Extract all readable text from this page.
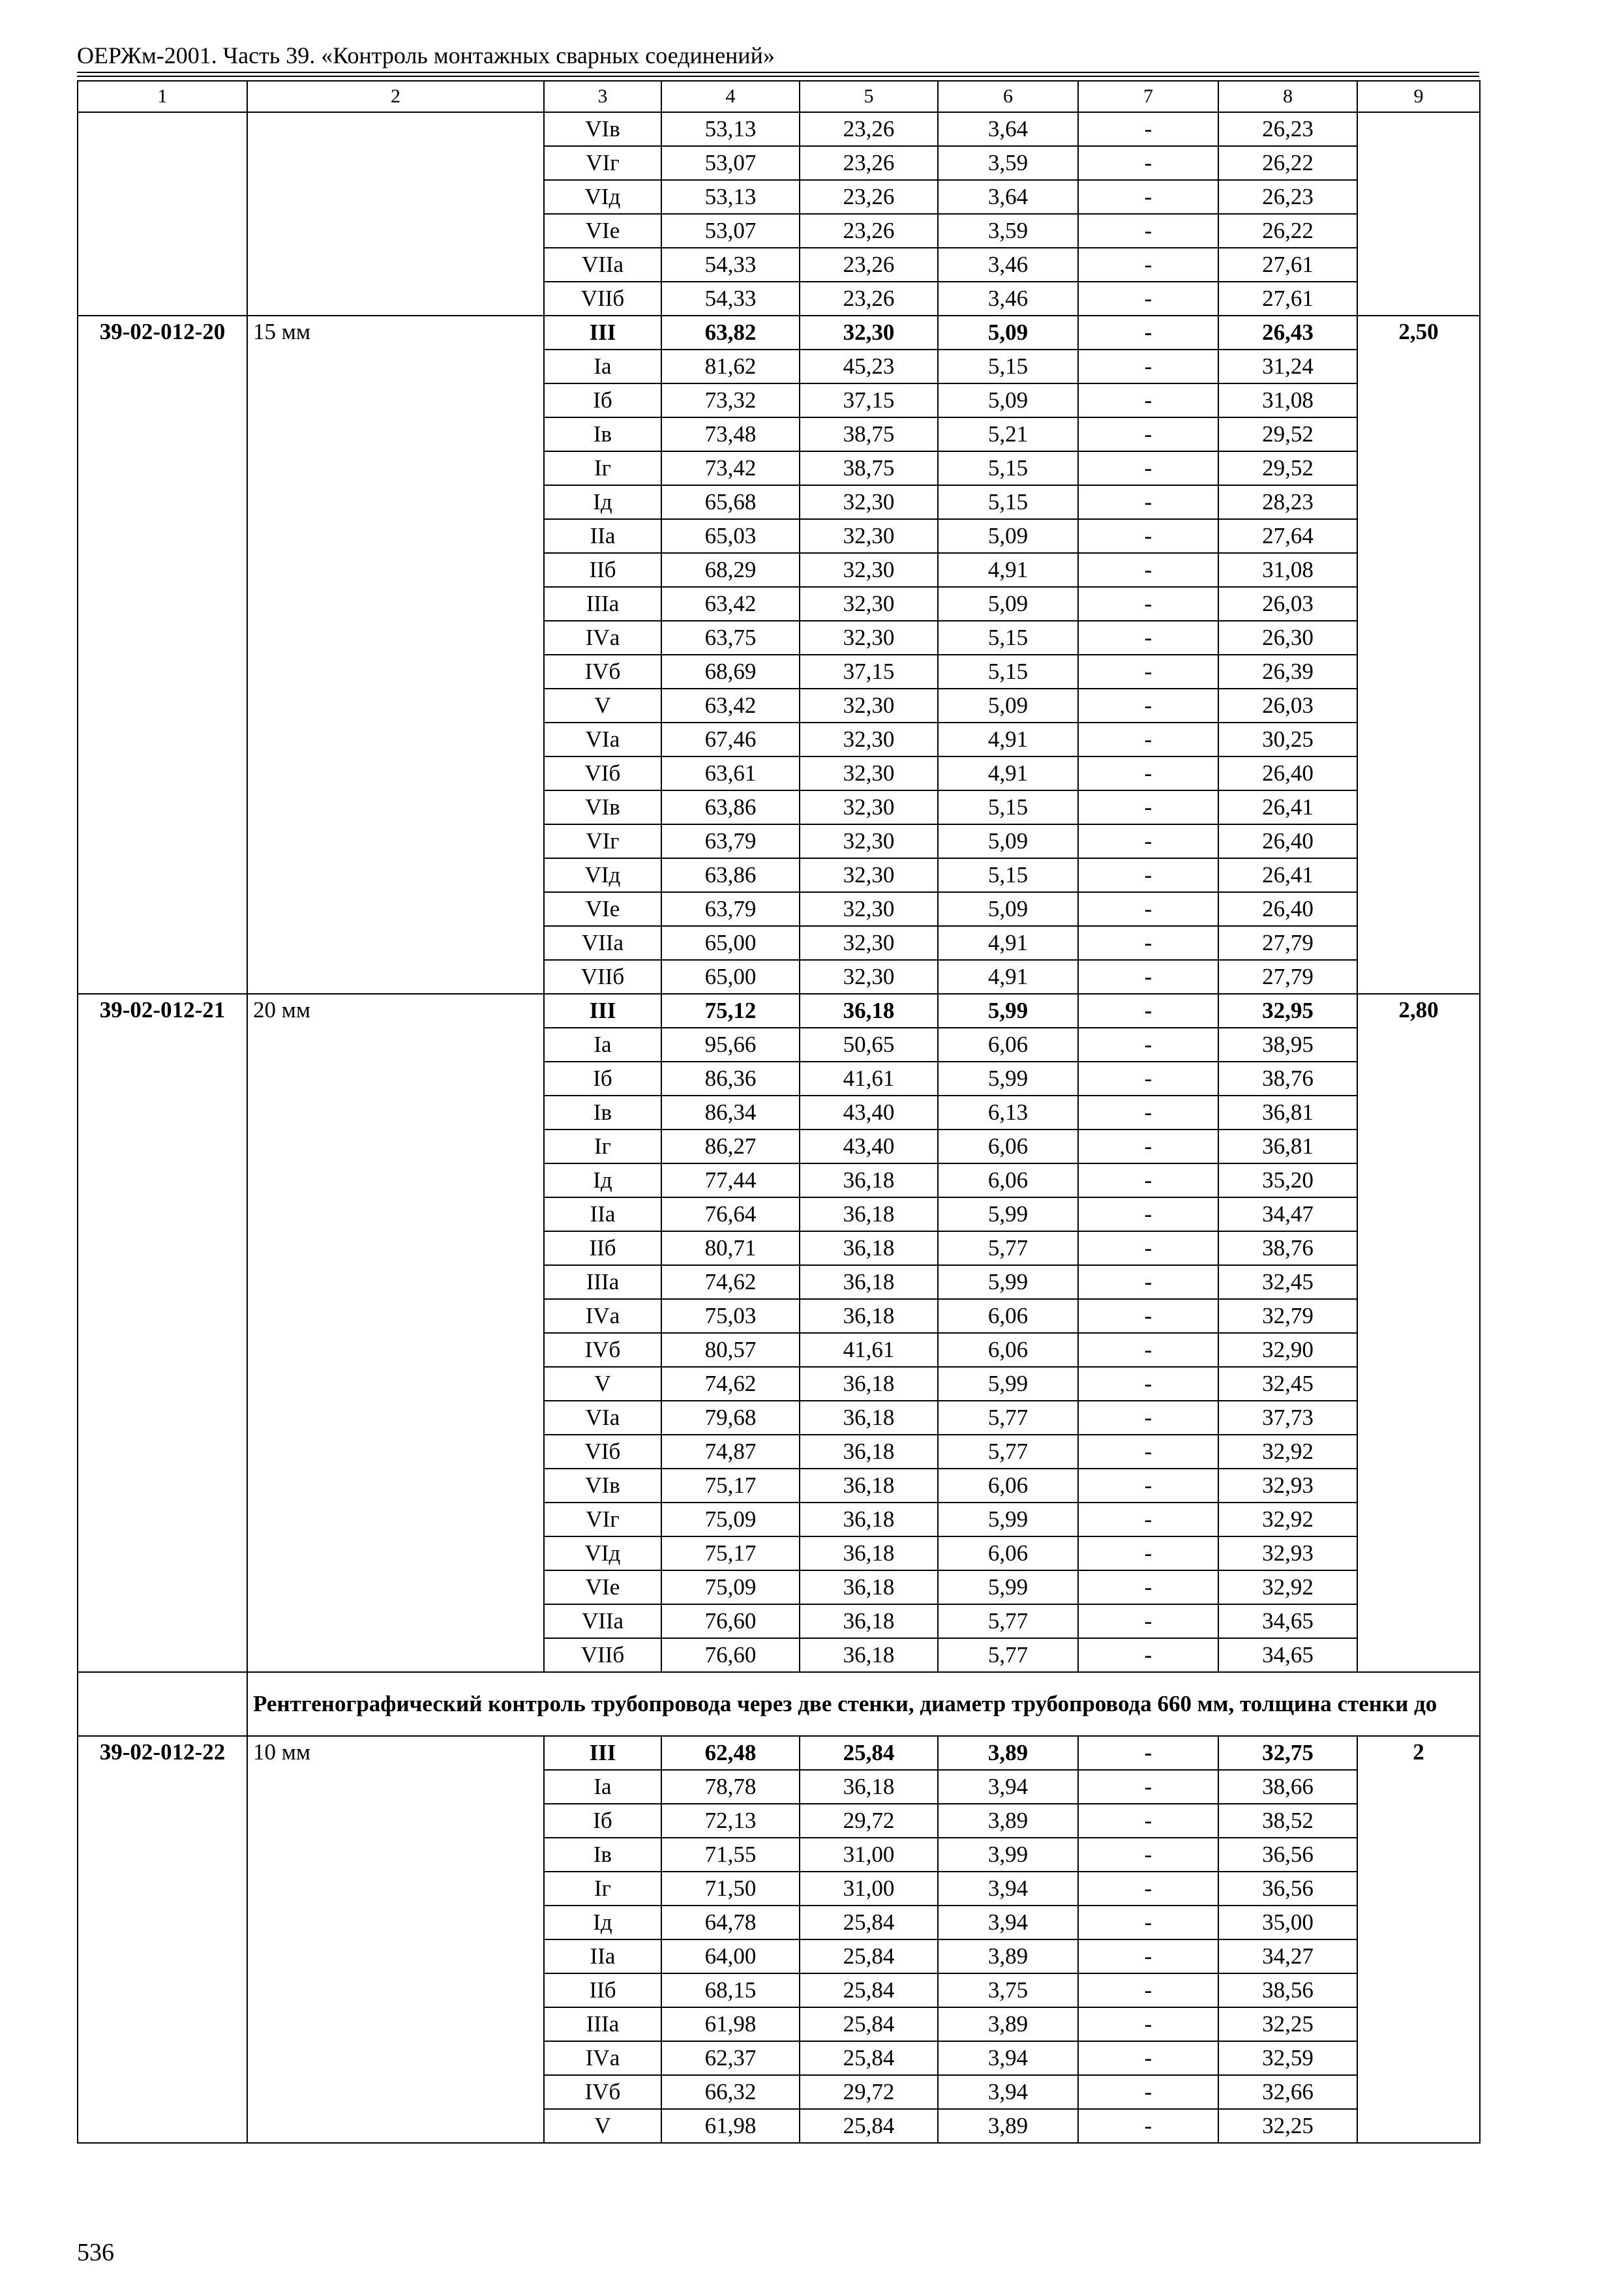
ОЕРЖм-2001. Часть 39. «Контроль монтажных сварных соединений»
1	2	3	4	5	6	7	8	9
		VIв	53,13	23,26	3,64	-	26,23	
		VIг	53,07	23,26	3,59	-	26,22	
		VIд	53,13	23,26	3,64	-	26,23	
		VIе	53,07	23,26	3,59	-	26,22	
		VIIа	54,33	23,26	3,46	-	27,61	
		VIIб	54,33	23,26	3,46	-	27,61	
39-02-012-20	15 мм	III	63,82	32,30	5,09	-	26,43	2,50
		Iа	81,62	45,23	5,15	-	31,24	
		Iб	73,32	37,15	5,09	-	31,08	
		Iв	73,48	38,75	5,21	-	29,52	
		Iг	73,42	38,75	5,15	-	29,52	
		Iд	65,68	32,30	5,15	-	28,23	
		IIа	65,03	32,30	5,09	-	27,64	
		IIб	68,29	32,30	4,91	-	31,08	
		IIIа	63,42	32,30	5,09	-	26,03	
		IVа	63,75	32,30	5,15	-	26,30	
		IVб	68,69	37,15	5,15	-	26,39	
		V	63,42	32,30	5,09	-	26,03	
		VIа	67,46	32,30	4,91	-	30,25	
		VIб	63,61	32,30	4,91	-	26,40	
		VIв	63,86	32,30	5,15	-	26,41	
		VIг	63,79	32,30	5,09	-	26,40	
		VIд	63,86	32,30	5,15	-	26,41	
		VIе	63,79	32,30	5,09	-	26,40	
		VIIа	65,00	32,30	4,91	-	27,79	
		VIIб	65,00	32,30	4,91	-	27,79	
39-02-012-21	20 мм	III	75,12	36,18	5,99	-	32,95	2,80
		Iа	95,66	50,65	6,06	-	38,95	
		Iб	86,36	41,61	5,99	-	38,76	
		Iв	86,34	43,40	6,13	-	36,81	
		Iг	86,27	43,40	6,06	-	36,81	
		Iд	77,44	36,18	6,06	-	35,20	
		IIа	76,64	36,18	5,99	-	34,47	
		IIб	80,71	36,18	5,77	-	38,76	
		IIIа	74,62	36,18	5,99	-	32,45	
		IVа	75,03	36,18	6,06	-	32,79	
		IVб	80,57	41,61	6,06	-	32,90	
		V	74,62	36,18	5,99	-	32,45	
		VIа	79,68	36,18	5,77	-	37,73	
		VIб	74,87	36,18	5,77	-	32,92	
		VIв	75,17	36,18	6,06	-	32,93	
		VIг	75,09	36,18	5,99	-	32,92	
		VIд	75,17	36,18	6,06	-	32,93	
		VIе	75,09	36,18	5,99	-	32,92	
		VIIа	76,60	36,18	5,77	-	34,65	
		VIIб	76,60	36,18	5,77	-	34,65	
	Рентгенографический контроль трубопровода через две стенки, диаметр трубопровода 660 мм, толщина стенки до							
39-02-012-22	10 мм	III	62,48	25,84	3,89	-	32,75	2
		Iа	78,78	36,18	3,94	-	38,66	
		Iб	72,13	29,72	3,89	-	38,52	
		Iв	71,55	31,00	3,99	-	36,56	
		Iг	71,50	31,00	3,94	-	36,56	
		Iд	64,78	25,84	3,94	-	35,00	
		IIа	64,00	25,84	3,89	-	34,27	
		IIб	68,15	25,84	3,75	-	38,56	
		IIIа	61,98	25,84	3,89	-	32,25	
		IVа	62,37	25,84	3,94	-	32,59	
		IVб	66,32	29,72	3,94	-	32,66	
		V	61,98	25,84	3,89	-	32,25	
536
